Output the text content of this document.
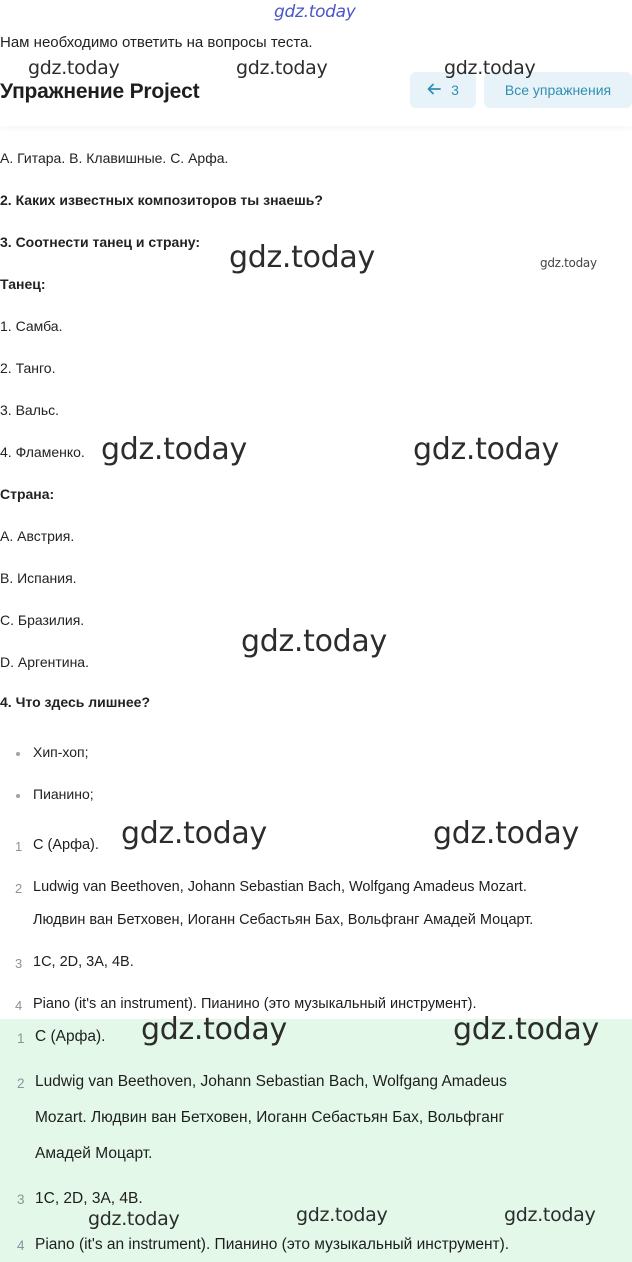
gdz.today
Нам необходимо ответить на вопросы теста.
Упражнение Project	3	Все упражнения
gdz.today	gdz.today	gdz.today
A. Гитара. B. Клавишные. C. Арфа.
2. Каких известных композиторов ты знаешь?
3. Соотнести танец и страну:
Танец:
1. Самба.
2. Танго.
3. Вальс.
4. Фламенко.
Страна:
A. Австрия.
B. Испания.
C. Бразилия.
D. Аргентина.
4. Что здесь лишнее?
Хип-хоп;
Пианино;
gdz.today	gdz.today
gdz.today	gdz.today
gdz.today
gdz.today	gdz.today
1 C (Арфа).
2 Ludwig van Beethoven, Johann Sebastian Bach, Wolfgang Amadeus Mozart.
Людвин ван Бетховен, Иоганн Себастьян Бах, Вольфганг Амадей Моцарт.
3 1C, 2D, 3A, 4B.
4 Piano (it's an instrument). Пианино (это музыкальный инструмент).
1 C (Арфа).
2 Ludwig van Beethoven, Johann Sebastian Bach, Wolfgang Amadeus
Mozart. Людвин ван Бетховен, Иоганн Себастьян Бах, Вольфганг
Амадей Моцарт.
3 1C, 2D, 3A, 4B.
4 Piano (it's an instrument). Пианино (это музыкальный инструмент).
gdz.today	gdz.today
gdz.today	gdz.today	gdz.today
